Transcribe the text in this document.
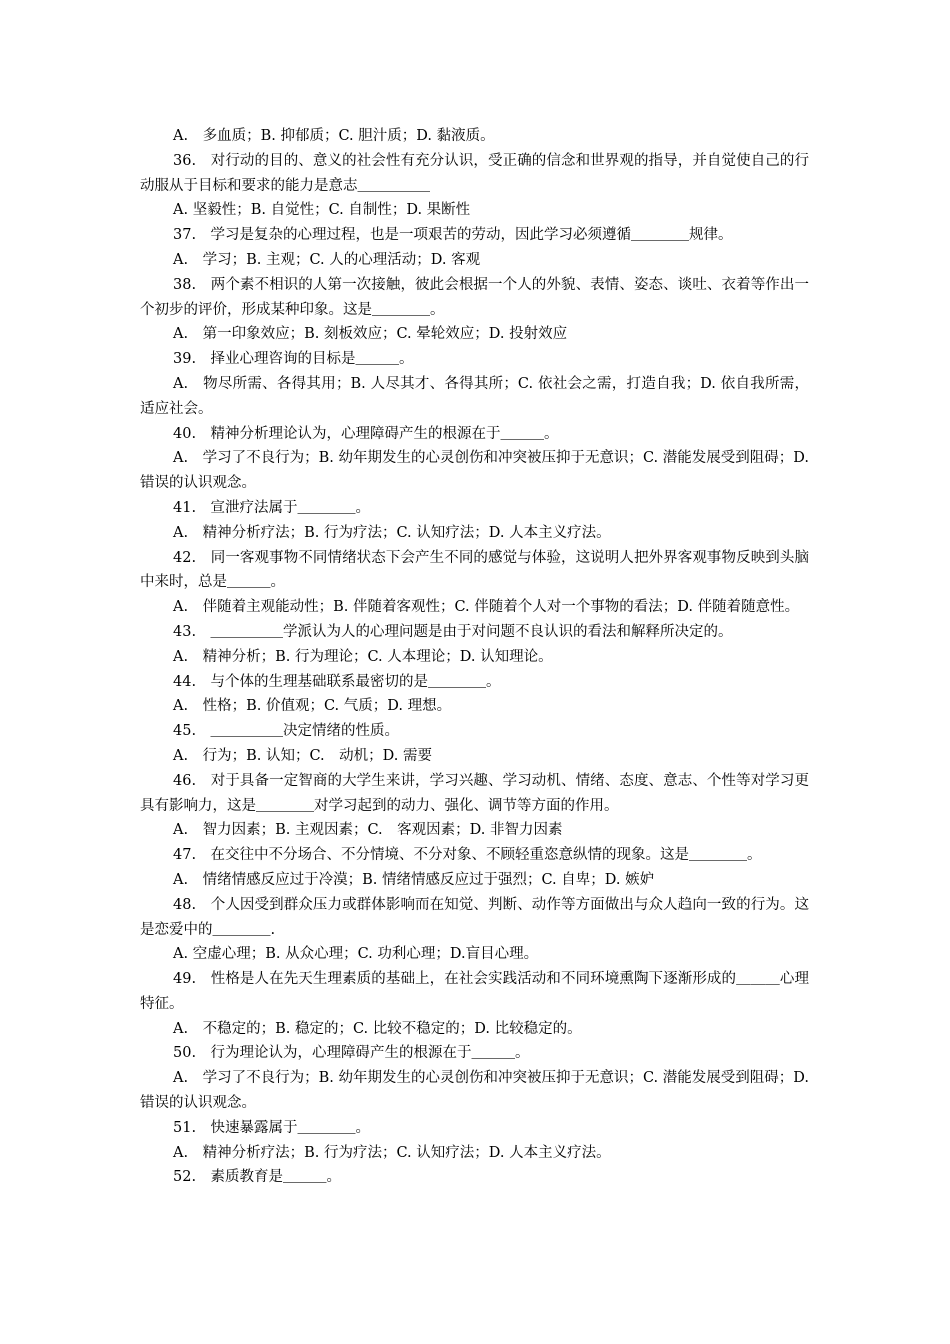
A.　多血质；B. 抑郁质；C. 胆汁质；D. 黏液质。

36.　对行动的目的、意义的社会性有充分认识，受正确的信念和世界观的指导，并自觉使自己的行动服从于目标和要求的能力是意志＿＿＿＿＿

A. 坚毅性；B. 自觉性；C. 自制性；D. 果断性

37.　学习是复杂的心理过程，也是一项艰苦的劳动，因此学习必须遵循＿＿＿＿规律。

A.　学习；B. 主观；C. 人的心理活动；D. 客观

38.　两个素不相识的人第一次接触，彼此会根据一个人的外貌、表情、姿态、谈吐、衣着等作出一个初步的评价，形成某种印象。这是＿＿＿＿。

A.　第一印象效应；B. 刻板效应；C. 晕轮效应；D. 投射效应

39.　择业心理咨询的目标是＿＿＿。

A.　物尽所需、各得其用；B. 人尽其才、各得其所；C. 依社会之需，打造自我；D. 依自我所需，适应社会。

40.　精神分析理论认为，心理障碍产生的根源在于＿＿＿。

A.　学习了不良行为；B. 幼年期发生的心灵创伤和冲突被压抑于无意识；C. 潜能发展受到阻碍；D. 错误的认识观念。

41.　宣泄疗法属于＿＿＿＿。

A.　精神分析疗法；B. 行为疗法；C. 认知疗法；D. 人本主义疗法。

42.　同一客观事物不同情绪状态下会产生不同的感觉与体验，这说明人把外界客观事物反映到头脑中来时，总是＿＿＿。

A.　伴随着主观能动性；B. 伴随着客观性；C. 伴随着个人对一个事物的看法；D. 伴随着随意性。

43.　＿＿＿＿＿学派认为人的心理问题是由于对问题不良认识的看法和解释所决定的。

A.　精神分析；B. 行为理论；C. 人本理论；D. 认知理论。

44.　与个体的生理基础联系最密切的是＿＿＿＿。

A.　性格；B. 价值观；C. 气质；D. 理想。

45.　＿＿＿＿＿决定情绪的性质。

A.　行为；B. 认知；C.　动机；D. 需要

46.　对于具备一定智商的大学生来讲，学习兴趣、学习动机、情绪、态度、意志、个性等对学习更具有影响力，这是＿＿＿＿对学习起到的动力、强化、调节等方面的作用。

A.　智力因素；B. 主观因素；C.　客观因素；D. 非智力因素

47.　在交往中不分场合、不分情境、不分对象、不顾轻重恣意纵情的现象。这是＿＿＿＿。

A.　情绪情感反应过于冷漠；B. 情绪情感反应过于强烈；C. 自卑；D. 嫉妒

48.　个人因受到群众压力或群体影响而在知觉、判断、动作等方面做出与众人趋向一致的行为。这是恋爱中的＿＿＿＿.

A. 空虚心理；B. 从众心理；C. 功利心理；D.盲目心理。

49.　性格是人在先天生理素质的基础上，在社会实践活动和不同环境熏陶下逐渐形成的＿＿＿心理特征。

A.　不稳定的；B. 稳定的；C. 比较不稳定的；D. 比较稳定的。

50.　行为理论认为，心理障碍产生的根源在于＿＿＿。

A.　学习了不良行为；B. 幼年期发生的心灵创伤和冲突被压抑于无意识；C. 潜能发展受到阻碍；D. 错误的认识观念。

51.　快速暴露属于＿＿＿＿。

A.　精神分析疗法；B. 行为疗法；C. 认知疗法；D. 人本主义疗法。

52.　素质教育是＿＿＿。
